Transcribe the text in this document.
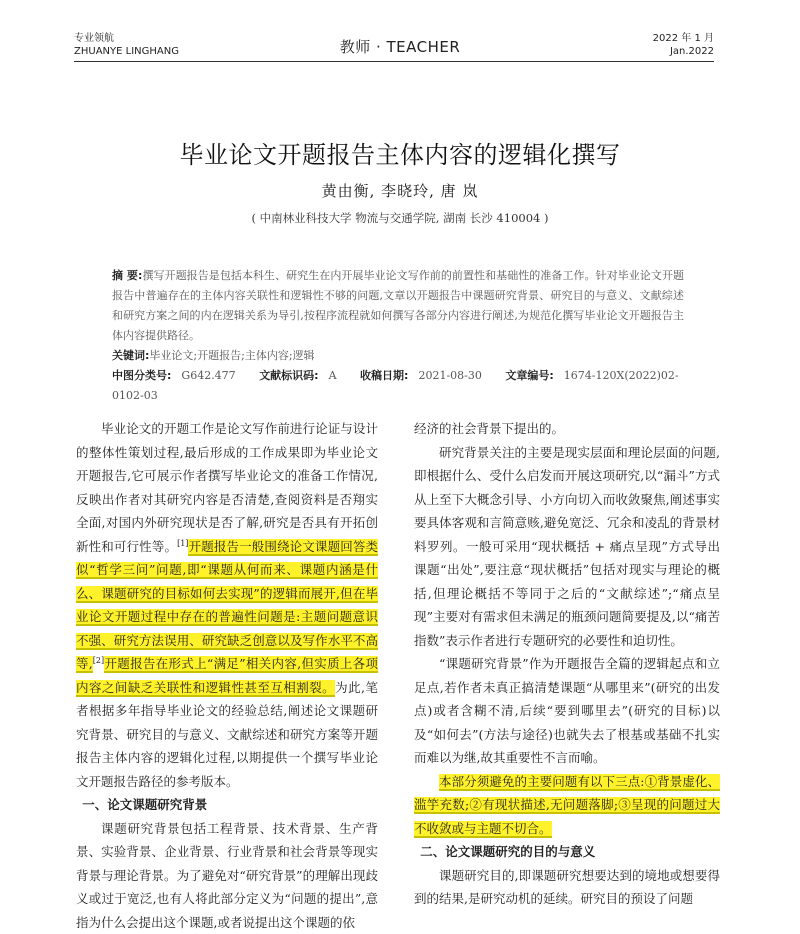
专业领航
ZHUANYE LINGHANG	教师 · TEACHER	2022 年 1 月
Jan.2022
毕业论文开题报告主体内容的逻辑化撰写
黄由衡, 李晓玲, 唐 岚
( 中南林业科技大学 物流与交通学院, 湖南 长沙 410004 )
摘 要:撰写开题报告是包括本科生、研究生在内开展毕业论文写作前的前置性和基础性的准备工作。针对毕业论文开题报告中普遍存在的主体内容关联性和逻辑性不够的问题,文章以开题报告中课题研究背景、研究目的与意义、文献综述和研究方案之间的内在逻辑关系为导引,按程序流程就如何撰写各部分内容进行阐述,为规范化撰写毕业论文开题报告主体内容提供路径。
关键词:毕业论文;开题报告;主体内容;逻辑
中图分类号: G642.477 文献标识码: A 收稿日期: 2021-08-30 文章编号: 1674-120X(2022)02-0102-03

毕业论文的开题工作是论文写作前进行论证与设计的整体性策划过程,最后形成的工作成果即为毕业论文开题报告,它可展示作者撰写毕业论文的准备工作情况,反映出作者对其研究内容是否清楚,查阅资料是否翔实全面,对国内外研究现状是否了解,研究是否具有开拓创新性和可行性等。[1]开题报告一般围绕论文课题回答类似“哲学三问”问题,即“课题从何而来、课题内涵是什么、课题研究的目标如何去实现”的逻辑而展开,但在毕业论文开题过程中存在的普遍性问题是:主题问题意识不强、研究方法误用、研究缺乏创意以及写作水平不高等,[2]开题报告在形式上“满足”相关内容,但实质上各项内容之间缺乏关联性和逻辑性甚至互相割裂。为此,笔者根据多年指导毕业论文的经验总结,阐述论文课题研究背景、研究目的与意义、文献综述和研究方案等开题报告主体内容的逻辑化过程,以期提供一个撰写毕业论文开题报告路径的参考版本。

一、论文课题研究背景

课题研究背景包括工程背景、技术背景、生产背景、实验背景、企业背景、行业背景和社会背景等现实背景与理论背景。为了避免对“研究背景”的理解出现歧义或过于宽泛,也有人将此部分定义为“问题的提出”,意指为什么会提出这个课题,或者说提出这个课题的依

经济的社会背景下提出的。

研究背景关注的主要是现实层面和理论层面的问题,即根据什么、受什么启发而开展这项研究,以“漏斗”方式从上至下大概念引导、小方向切入而收敛聚焦,阐述事实要具体客观和言简意赅,避免宽泛、冗余和凌乱的背景材料罗列。一般可采用“现状概括 + 痛点呈现”方式导出课题“出处”,要注意“现状概括”包括对现实与理论的概括,但理论概括不等同于之后的“文献综述”;“痛点呈现”主要对有需求但未满足的瓶颈问题简要提及,以“痛苦指数”表示作者进行专题研究的必要性和迫切性。

“课题研究背景”作为开题报告全篇的逻辑起点和立足点,若作者未真正搞清楚课题“从哪里来”(研究的出发点)或者含糊不清,后续“要到哪里去”(研究的目标)以及“如何去”(方法与途径)也就失去了根基或基础不扎实而难以为继,故其重要性不言而喻。

本部分须避免的主要问题有以下三点:①背景虚化、滥竽充数;②有现状描述,无问题落脚;③呈现的问题过大不收敛或与主题不切合。

二、论文课题研究的目的与意义

课题研究目的,即课题研究想要达到的境地或想要得到的结果,是研究动机的延续。研究目的预设了问题
